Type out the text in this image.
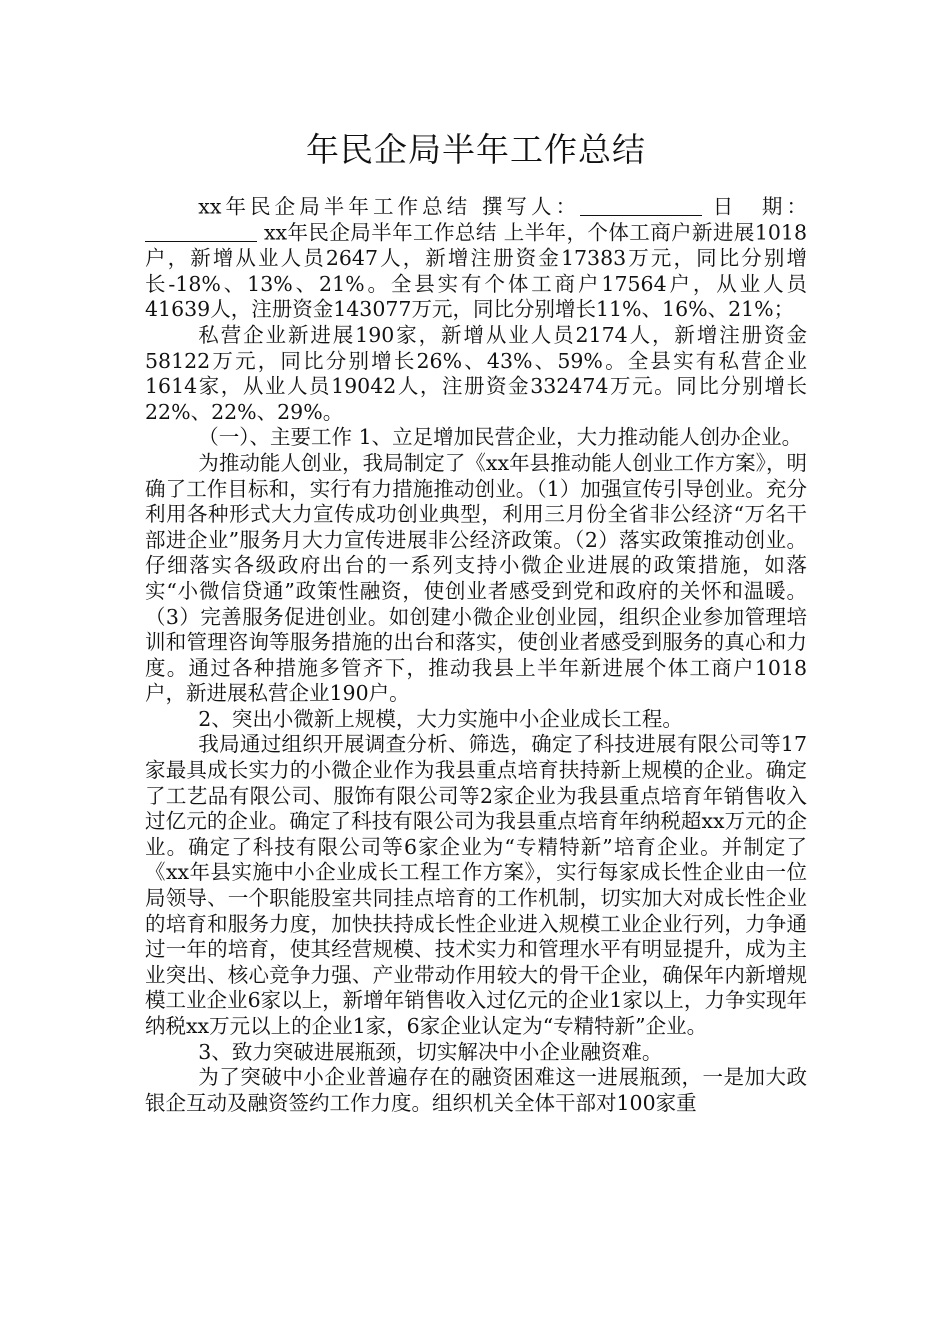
年民企局半年工作总结

xx年民企局半年工作总结 撰写人：	日　期： xx年民企局半年工作总结 上半年，个体工商户新进展1018户，新增从业人员2647人，新增注册资金17383万元，同比分别增长-18%、13%、21%。全县实有个体工商户17564户，从业人员41639人，注册资金143077万元，同比分别增长11%、16%、21%；

私营企业新进展190家，新增从业人员2174人，新增注册资金58122万元，同比分别增长26%、43%、59%。全县实有私营企业1614家，从业人员19042人，注册资金332474万元。同比分别增长22%、22%、29%。

（一）、主要工作 1、立足增加民营企业，大力推动能人创办企业。

为推动能人创业，我局制定了《xx年县推动能人创业工作方案》，明确了工作目标和，实行有力措施推动创业。（1）加强宣传引导创业。充分利用各种形式大力宣传成功创业典型，利用三月份全省非公经济“万名干部进企业”服务月大力宣传进展非公经济政策。（2）落实政策推动创业。仔细落实各级政府出台的一系列支持小微企业进展的政策措施，如落实“小微信贷通”政策性融资，使创业者感受到党和政府的关怀和温暖。（3）完善服务促进创业。如创建小微企业创业园，组织企业参加管理培训和管理咨询等服务措施的出台和落实，使创业者感受到服务的真心和力度。通过各种措施多管齐下，推动我县上半年新进展个体工商户1018户，新进展私营企业190户。

2、突出小微新上规模，大力实施中小企业成长工程。

我局通过组织开展调查分析、筛选，确定了科技进展有限公司等17家最具成长实力的小微企业作为我县重点培育扶持新上规模的企业。确定了工艺品有限公司、服饰有限公司等2家企业为我县重点培育年销售收入过亿元的企业。确定了科技有限公司为我县重点培育年纳税超xx万元的企业。确定了科技有限公司等6家企业为“专精特新”培育企业。并制定了《xx年县实施中小企业成长工程工作方案》，实行每家成长性企业由一位局领导、一个职能股室共同挂点培育的工作机制，切实加大对成长性企业的培育和服务力度，加快扶持成长性企业进入规模工业企业行列，力争通过一年的培育，使其经营规模、技术实力和管理水平有明显提升，成为主业突出、核心竞争力强、产业带动作用较大的骨干企业，确保年内新增规模工业企业6家以上，新增年销售收入过亿元的企业1家以上，力争实现年纳税xx万元以上的企业1家，6家企业认定为“专精特新”企业。

3、致力突破进展瓶颈，切实解决中小企业融资难。

为了突破中小企业普遍存在的融资困难这一进展瓶颈，一是加大政银企互动及融资签约工作力度。组织机关全体干部对100家重
